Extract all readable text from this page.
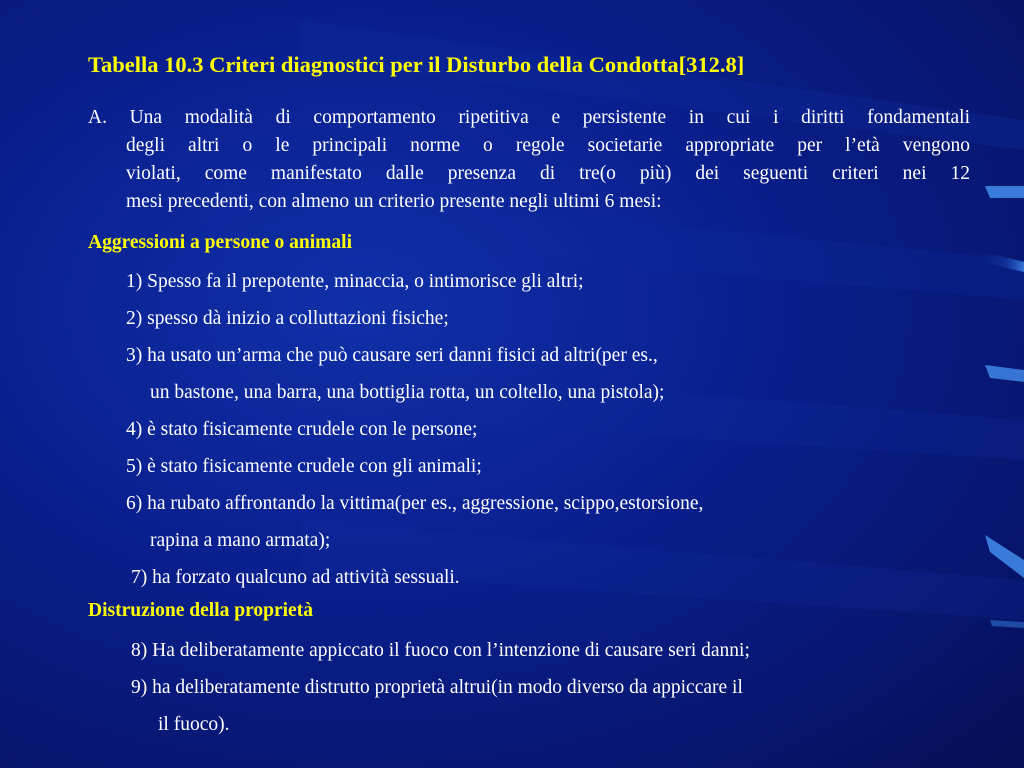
Tabella 10.3 Criteri diagnostici per il Disturbo della Condotta[312.8]
A. Una modalità di comportamento ripetitiva e persistente in cui i diritti fondamentali
degli altri o le principali norme o regole societarie appropriate per l’età vengono
violati, come manifestato dalle presenza di tre(o più) dei seguenti criteri nei 12
mesi precedenti, con almeno un criterio presente negli ultimi 6 mesi:
Aggressioni a persone o animali
1) Spesso fa il prepotente, minaccia, o intimorisce gli altri;
2) spesso dà inizio a colluttazioni fisiche;
3) ha usato un’arma che può causare seri danni fisici ad altri(per es.,
un bastone, una barra, una bottiglia rotta, un coltello, una pistola);
4) è stato fisicamente crudele con le persone;
5) è stato fisicamente crudele con gli animali;
6) ha rubato affrontando la vittima(per es., aggressione, scippo,estorsione,
rapina a mano armata);
7) ha forzato qualcuno ad attività sessuali.
Distruzione della proprietà
8) Ha deliberatamente appiccato il fuoco con l’intenzione di causare seri danni;
9) ha deliberatamente distrutto proprietà altrui(in modo diverso da appiccare il
il fuoco).
